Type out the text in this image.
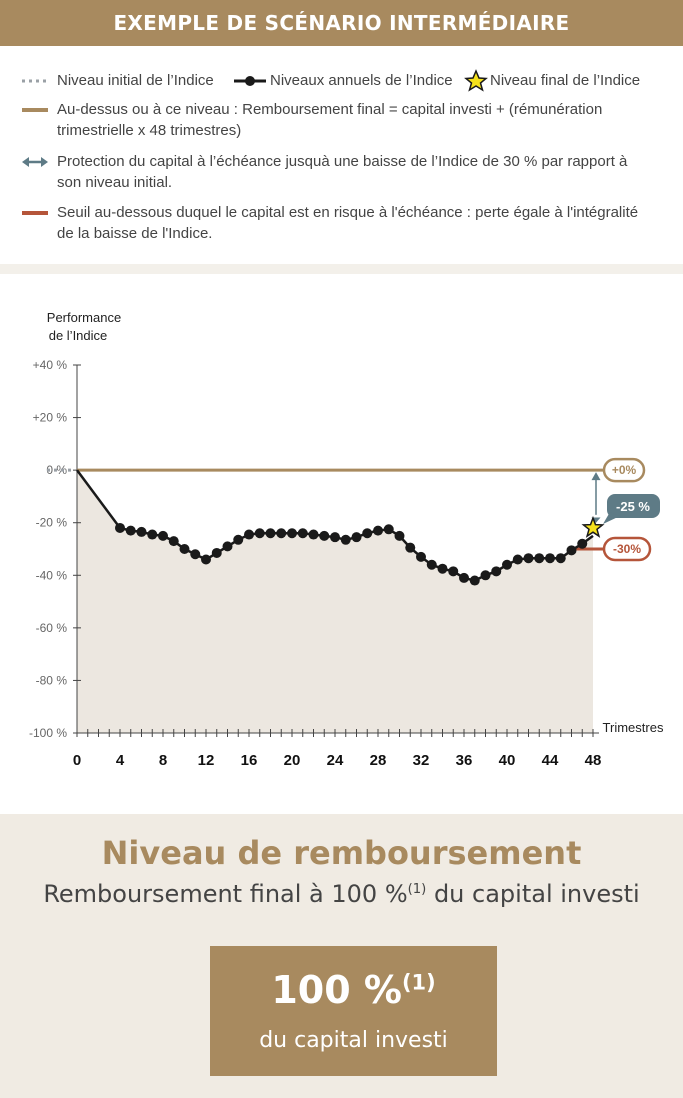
EXEMPLE DE SCÉNARIO INTERMÉDIAIRE
Niveau initial de l’Indice	Niveaux annuels de l’Indice Niveau final de l’Indice
Au-dessus ou à ce niveau : Remboursement final = capital investi + (rémunération
trimestrielle x 48 trimestres)
Protection du capital à l’échéance jusquà une baisse de l’Indice de 30 % par rapport à
son niveau initial.
Seuil au-dessous duquel le capital est en risque à l'échéance : perte égale à l'intégralité
de la baisse de l'Indice.
Performance
de l’Indice
Trimestres
+40 %
+20 %
0 %
-20 %
-40 %
-60 %
-80 %
-100 %
0 4 8 12 16 20 24 28 32 36 40 44 48
+0%
-30%
-25 %
Niveau de remboursement

Remboursement final à 100 %$^{(1)}$ du capital investi

100 %$^{(1)}$
du capital investi
